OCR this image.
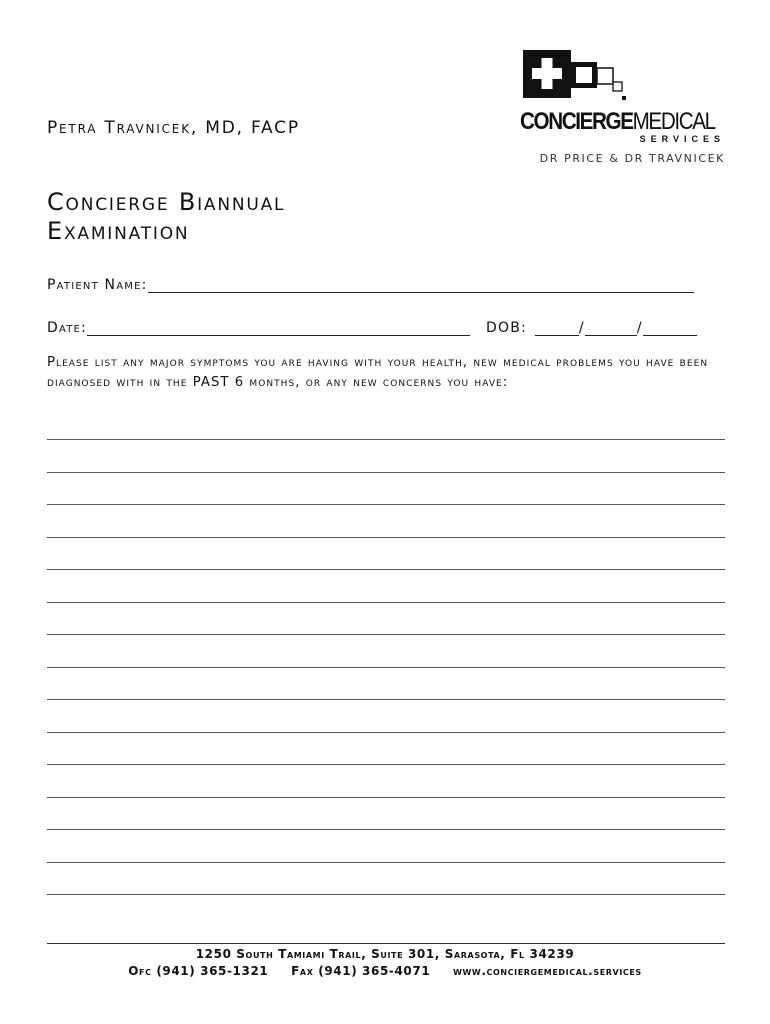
CONCIERGEMEDICAL
SERVICES
DR PRICE & DR TRAVNICEK
Petra Travnicek, MD, FACP
Concierge Biannual
Examination
Patient Name:
Date:	DOB:	/	/
Please list any major symptoms you are having with your health, new medical problems you have been diagnosed with in the PAST 6 months, or any new concerns you have:
1250 South Tamiami Trail, Suite 301, Sarasota, Fl 34239
Ofc (941) 365-1321 Fax (941) 365-4071 www.conciergemedical.services
